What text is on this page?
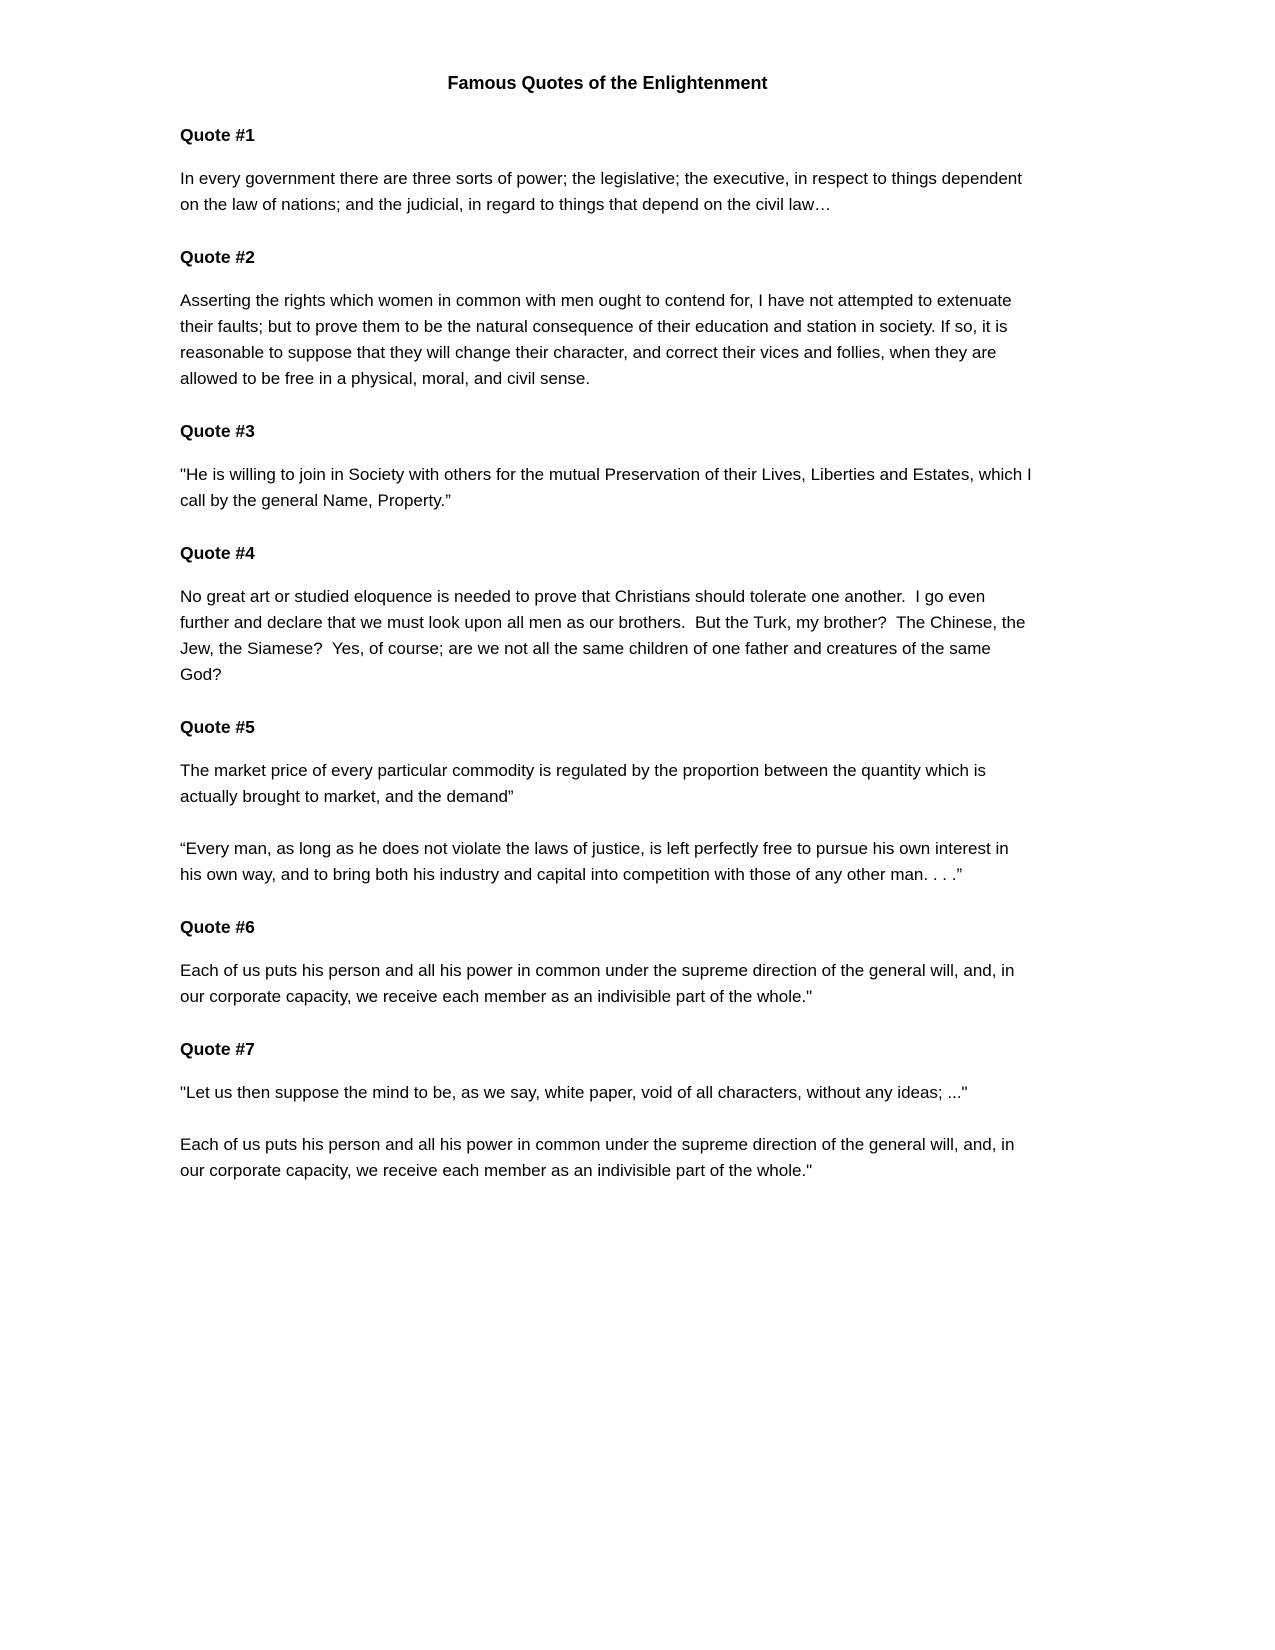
Famous Quotes of the Enlightenment
Quote #1

In every government there are three sorts of power; the legislative; the executive, in respect to things dependent on the law of nations; and the judicial, in regard to things that depend on the civil law…

Quote #2

Asserting the rights which women in common with men ought to contend for, I have not attempted to extenuate their faults; but to prove them to be the natural consequence of their education and station in society. If so, it is reasonable to suppose that they will change their character, and correct their vices and follies, when they are allowed to be free in a physical, moral, and civil sense.

Quote #3

"He is willing to join in Society with others for the mutual Preservation of their Lives, Liberties and Estates, which I call by the general Name, Property.”

Quote #4

No great art or studied eloquence is needed to prove that Christians should tolerate one another.  I go even further and declare that we must look upon all men as our brothers.  But the Turk, my brother?  The Chinese, the Jew, the Siamese?  Yes, of course; are we not all the same children of one father and creatures of the same God?

Quote #5

The market price of every particular commodity is regulated by the proportion between the quantity which is actually brought to market, and the demand”

“Every man, as long as he does not violate the laws of justice, is left perfectly free to pursue his own interest in his own way, and to bring both his industry and capital into competition with those of any other man. . . .”

Quote #6

Each of us puts his person and all his power in common under the supreme direction of the general will, and, in our corporate capacity, we receive each member as an indivisible part of the whole."

Quote #7

"Let us then suppose the mind to be, as we say, white paper, void of all characters, without any ideas; ..."

Each of us puts his person and all his power in common under the supreme direction of the general will, and, in our corporate capacity, we receive each member as an indivisible part of the whole."
